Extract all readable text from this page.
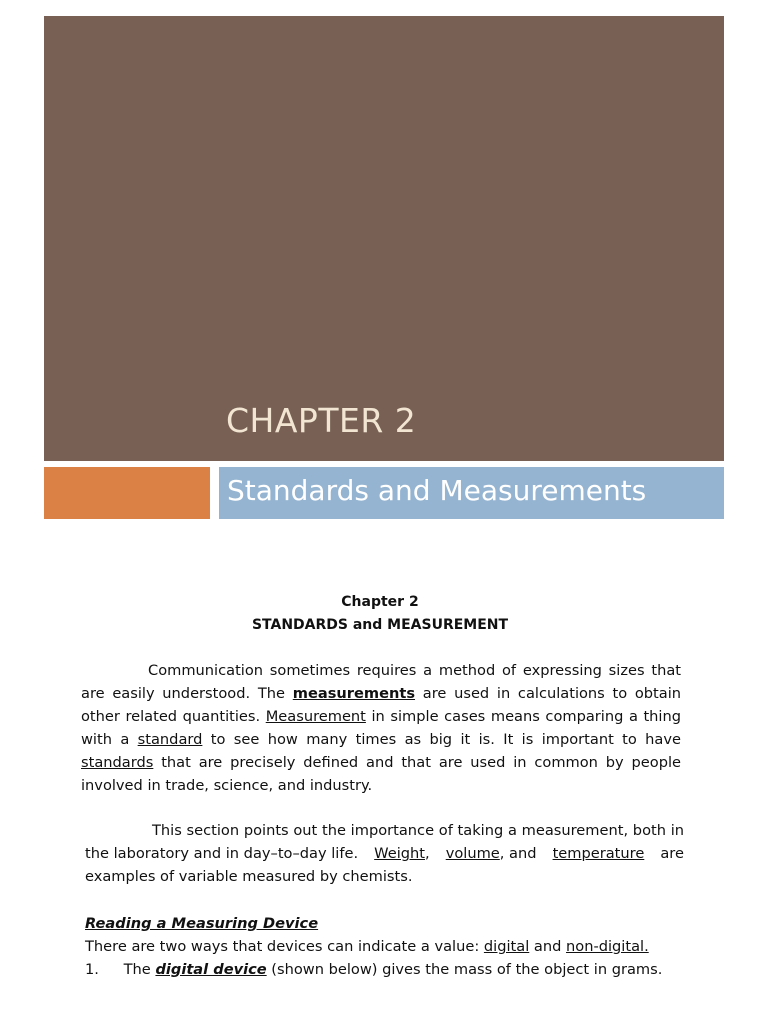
CHAPTER 2
Standards and Measurements
Chapter 2
STANDARDS and MEASUREMENT
Communication sometimes requires a method of expressing sizes that
are easily understood. The measurements are used in calculations to obtain
other related quantities. Measurement in simple cases means comparing a thing
with a standard to see how many times as big it is. It is important to have
standards that are precisely defined and that are used in common by people
involved in trade, science, and industry.
This section points out the importance of taking a measurement, both in
the laboratory and in day–to–day life. Weight, volume, and temperature are
examples of variable measured by chemists.
Reading a Measuring Device
There are two ways that devices can indicate a value: digital and non-digital.
1. The digital device (shown below) gives the mass of the object in grams.
